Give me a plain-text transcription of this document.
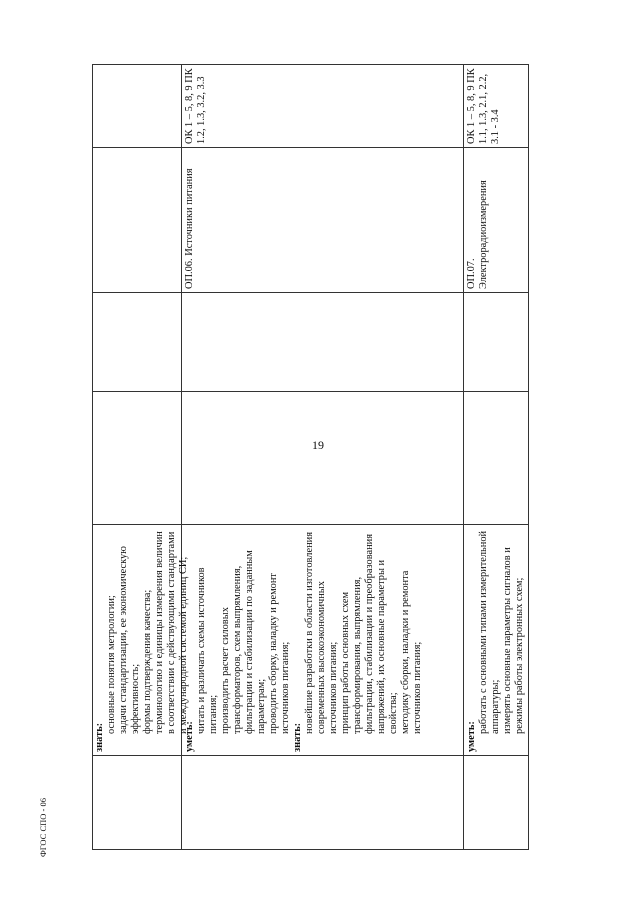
19
ФГОС СПО - 06
знать:
основные понятия метрологии; задачи стандартизации, ее экономическую эффективность; формы подтверждения качества; терминологию и единицы измерения величин в соответствии с действующими стандартами и международной системой единиц СИ;
уметь:
читать и различать схемы источников питания; производить расчет силовых трансформаторов, схем выпрямления, фильтрации и стабилизации по заданным параметрам; проводить сборку, наладку и ремонт источников питания;
знать:
новейшие разработки в области изготовления современных высокоэкономичных источников питания; принцип работы основных схем трансформирования, выпрямления, фильтрации, стабилизации и преобразования напряжений, их основные параметры и свойства; методику сборки, наладки и ремонта источников питания;
ОП.06. Источники питания
ОК 1 – 5, 8, 9 ПК 1.2, 1.3, 3.2, 3.3
уметь:
работать с основными типами измерительной аппаратуры; измерять основные параметры сигналов и режимы работы электронных схем;
ОП.07. Электрорадиоизмерения
ОК 1 – 5, 8, 9 ПК 1.1, 1.3, 2.1, 2.2, 3.1 - 3.4
